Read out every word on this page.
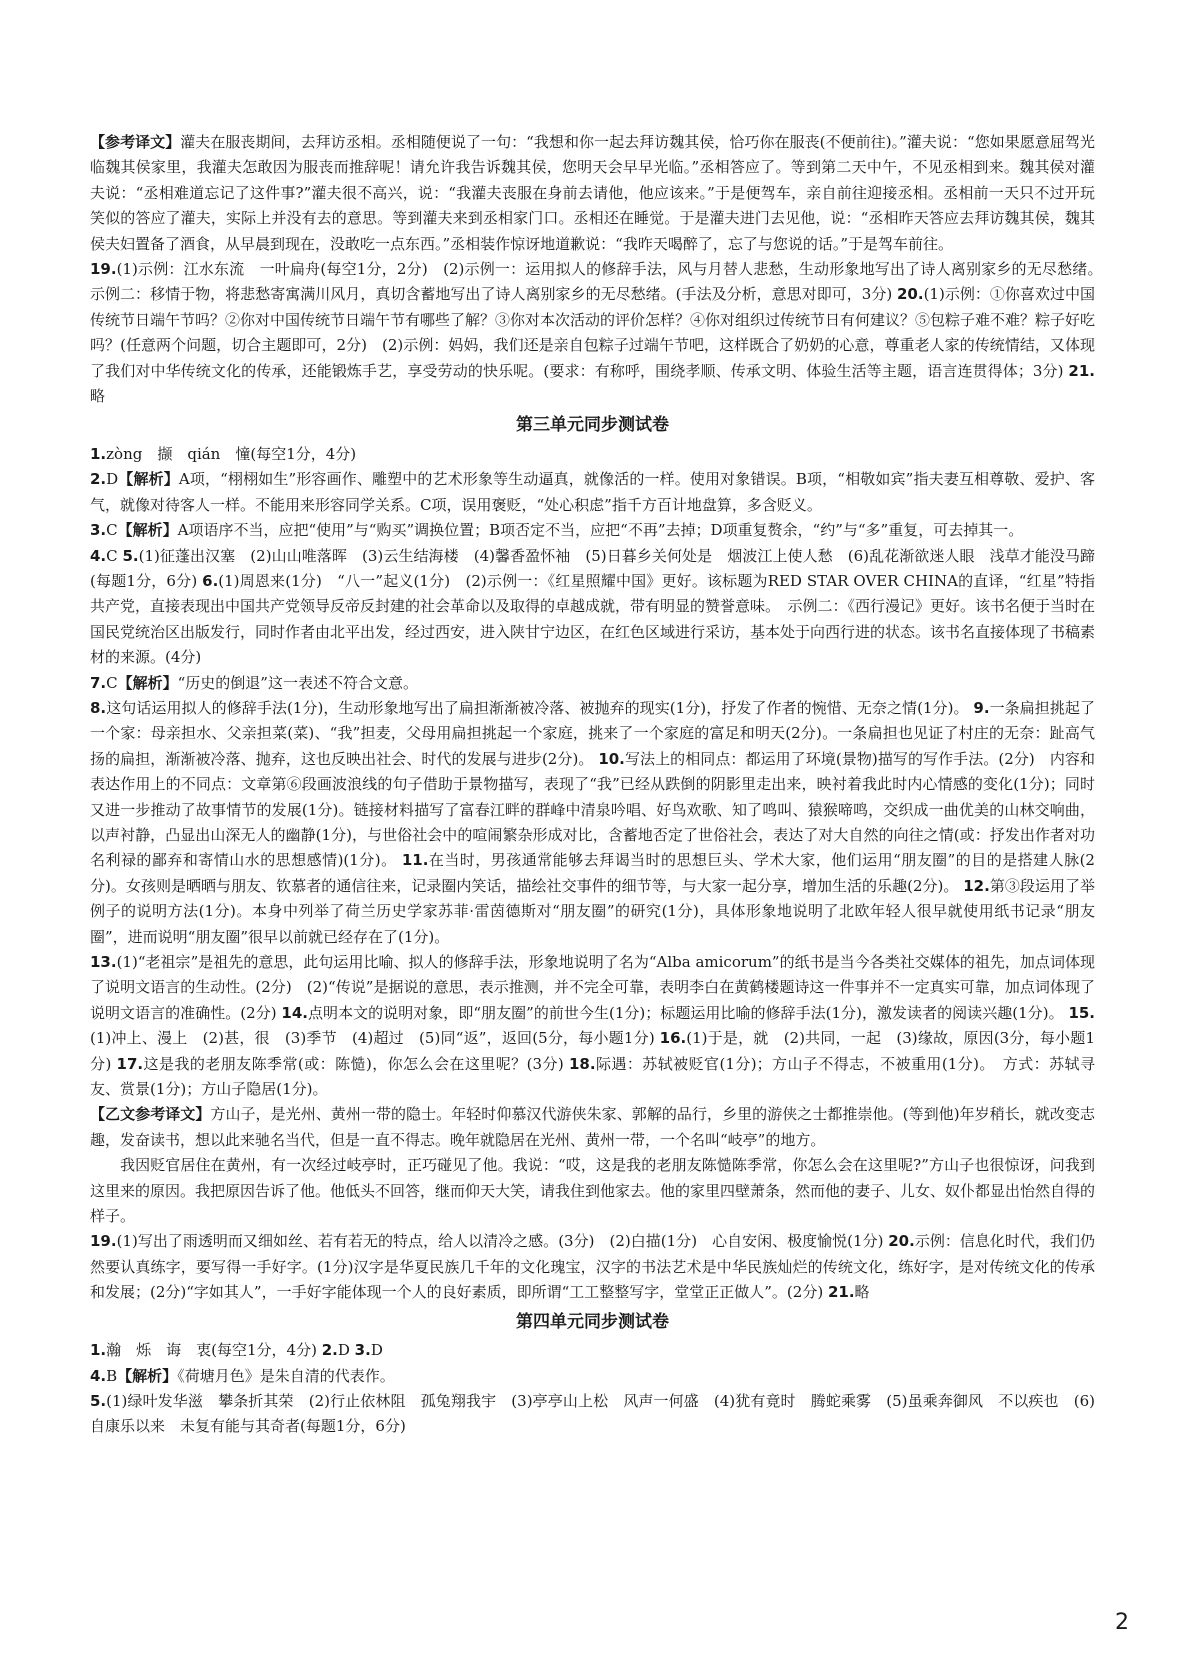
【参考译文】灌夫在服丧期间，去拜访丞相。丞相随便说了一句：“我想和你一起去拜访魏其侯，恰巧你在服丧(不便前往)。”灌夫说：“您如果愿意屈驾光临魏其侯家里，我灌夫怎敢因为服丧而推辞呢！请允许我告诉魏其侯，您明天会早早光临。”丞相答应了。等到第二天中午，不见丞相到来。魏其侯对灌夫说：“丞相难道忘记了这件事?”灌夫很不高兴，说：“我灌夫丧服在身前去请他，他应该来。”于是便驾车，亲自前往迎接丞相。丞相前一天只不过开玩笑似的答应了灌夫，实际上并没有去的意思。等到灌夫来到丞相家门口。丞相还在睡觉。于是灌夫进门去见他，说：“丞相昨天答应去拜访魏其侯，魏其侯夫妇置备了酒食，从早晨到现在，没敢吃一点东西。”丞相装作惊讶地道歉说：“我昨天喝醉了，忘了与您说的话。”于是驾车前往。

19.(1)示例：江水东流　一叶扁舟(每空1分，2分)　(2)示例一：运用拟人的修辞手法，风与月替人悲愁，生动形象地写出了诗人离别家乡的无尽愁绪。　示例二：移情于物，将悲愁寄寓满川风月，真切含蓄地写出了诗人离别家乡的无尽愁绪。(手法及分析，意思对即可，3分) 20.(1)示例：①你喜欢过中国传统节日端午节吗？②你对中国传统节日端午节有哪些了解？③你对本次活动的评价怎样？④你对组织过传统节日有何建议？⑤包粽子难不难？粽子好吃吗？(任意两个问题，切合主题即可，2分)　(2)示例：妈妈，我们还是亲自包粽子过端午节吧，这样既合了奶奶的心意，尊重老人家的传统情结，又体现了我们对中华传统文化的传承，还能锻炼手艺，享受劳动的快乐呢。(要求：有称呼，围绕孝顺、传承文明、体验生活等主题，语言连贯得体；3分) 21.略

第三单元同步测试卷

1.zòng　撷　qián　憧(每空1分，4分)

2.D【解析】A项，“栩栩如生”形容画作、雕塑中的艺术形象等生动逼真，就像活的一样。使用对象错误。B项，“相敬如宾”指夫妻互相尊敬、爱护、客气，就像对待客人一样。不能用来形容同学关系。C项，误用褒贬，“处心积虑”指千方百计地盘算，多含贬义。

3.C【解析】A项语序不当，应把“使用”与“购买”调换位置；B项否定不当，应把“不再”去掉；D项重复赘余，“约”与“多”重复，可去掉其一。

4.C 5.(1)征蓬出汉塞　(2)山山唯落晖　(3)云生结海楼　(4)馨香盈怀袖　(5)日暮乡关何处是　烟波江上使人愁　(6)乱花渐欲迷人眼　浅草才能没马蹄(每题1分，6分) 6.(1)周恩来(1分)　“八一”起义(1分)　(2)示例一：《红星照耀中国》更好。该标题为RED STAR OVER CHINA的直译，“红星”特指共产党，直接表现出中国共产党领导反帝反封建的社会革命以及取得的卓越成就，带有明显的赞誉意味。　示例二：《西行漫记》更好。该书名便于当时在国民党统治区出版发行，同时作者由北平出发，经过西安，进入陕甘宁边区，在红色区域进行采访，基本处于向西行进的状态。该书名直接体现了书稿素材的来源。(4分)

7.C【解析】“历史的倒退”这一表述不符合文意。

8.这句话运用拟人的修辞手法(1分)，生动形象地写出了扁担渐渐被冷落、被抛弃的现实(1分)，抒发了作者的惋惜、无奈之情(1分)。 9.一条扁担挑起了一个家：母亲担水、父亲担菜(菜)、“我”担麦，父母用扁担挑起一个家庭，挑来了一个家庭的富足和明天(2分)。一条扁担也见证了村庄的无奈：趾高气扬的扁担，渐渐被冷落、抛弃，这也反映出社会、时代的发展与进步(2分)。 10.写法上的相同点：都运用了环境(景物)描写的写作手法。(2分)　内容和表达作用上的不同点：文章第⑥段画波浪线的句子借助于景物描写，表现了“我”已经从跌倒的阴影里走出来，映衬着我此时内心情感的变化(1分)；同时又进一步推动了故事情节的发展(1分)。链接材料描写了富春江畔的群峰中清泉吟唱、好鸟欢歌、知了鸣叫、猿猴啼鸣，交织成一曲优美的山林交响曲，以声衬静，凸显出山深无人的幽静(1分)，与世俗社会中的喧闹繁杂形成对比，含蓄地否定了世俗社会，表达了对大自然的向往之情(或：抒发出作者对功名利禄的鄙弃和寄情山水的思想感情)(1分)。 11.在当时，男孩通常能够去拜谒当时的思想巨头、学术大家，他们运用“朋友圈”的目的是搭建人脉(2分)。女孩则是晒晒与朋友、钦慕者的通信往来，记录圈内笑话，描绘社交事件的细节等，与大家一起分享，增加生活的乐趣(2分)。 12.第③段运用了举例子的说明方法(1分)。本身中列举了荷兰历史学家苏菲·雷茵德斯对“朋友圈”的研究(1分)，具体形象地说明了北欧年轻人很早就使用纸书记录“朋友圈”，进而说明“朋友圈”很早以前就已经存在了(1分)。

13.(1)“老祖宗”是祖先的意思，此句运用比喻、拟人的修辞手法，形象地说明了名为“Alba amicorum”的纸书是当今各类社交媒体的祖先，加点词体现了说明文语言的生动性。(2分)　(2)“传说”是据说的意思，表示推测，并不完全可靠，表明李白在黄鹤楼题诗这一件事并不一定真实可靠，加点词体现了说明文语言的准确性。(2分) 14.点明本文的说明对象，即“朋友圈”的前世今生(1分)；标题运用比喻的修辞手法(1分)，激发读者的阅读兴趣(1分)。 15.(1)冲上、漫上　(2)甚，很　(3)季节　(4)超过　(5)同“返”，返回(5分，每小题1分) 16.(1)于是，就　(2)共同，一起　(3)缘故，原因(3分，每小题1分) 17.这是我的老朋友陈季常(或：陈慥)，你怎么会在这里呢？(3分) 18.际遇：苏轼被贬官(1分)；方山子不得志，不被重用(1分)。　方式：苏轼寻友、赏景(1分)；方山子隐居(1分)。

【乙文参考译文】方山子，是光州、黄州一带的隐士。年轻时仰慕汉代游侠朱家、郭解的品行，乡里的游侠之士都推崇他。(等到他)年岁稍长，就改变志趣，发奋读书，想以此来驰名当代，但是一直不得志。晚年就隐居在光州、黄州一带，一个名叫“岐亭”的地方。

我因贬官居住在黄州，有一次经过岐亭时，正巧碰见了他。我说：“哎，这是我的老朋友陈慥陈季常，你怎么会在这里呢?”方山子也很惊讶，问我到这里来的原因。我把原因告诉了他。他低头不回答，继而仰天大笑，请我住到他家去。他的家里四壁萧条，然而他的妻子、儿女、奴仆都显出怡然自得的样子。

19.(1)写出了雨透明而又细如丝、若有若无的特点，给人以清冷之感。(3分)　(2)白描(1分)　心自安闲、极度愉悦(1分) 20.示例：信息化时代，我们仍然要认真练字，要写得一手好字。(1分)汉字是华夏民族几千年的文化瑰宝，汉字的书法艺术是中华民族灿烂的传统文化，练好字，是对传统文化的传承和发展；(2分)“字如其人”，一手好字能体现一个人的良好素质，即所谓“工工整整写字，堂堂正正做人”。(2分) 21.略

第四单元同步测试卷

1.瀚　烁　诲　衷(每空1分，4分) 2.D 3.D

4.B【解析】《荷塘月色》是朱自清的代表作。

5.(1)绿叶发华滋　攀条折其荣　(2)行止依林阻　孤兔翔我宇　(3)亭亭山上松　风声一何盛　(4)犹有竟时　腾蛇乘雾　(5)虽乘奔御风　不以疾也　(6)自康乐以来　未复有能与其奇者(每题1分，6分)

2
